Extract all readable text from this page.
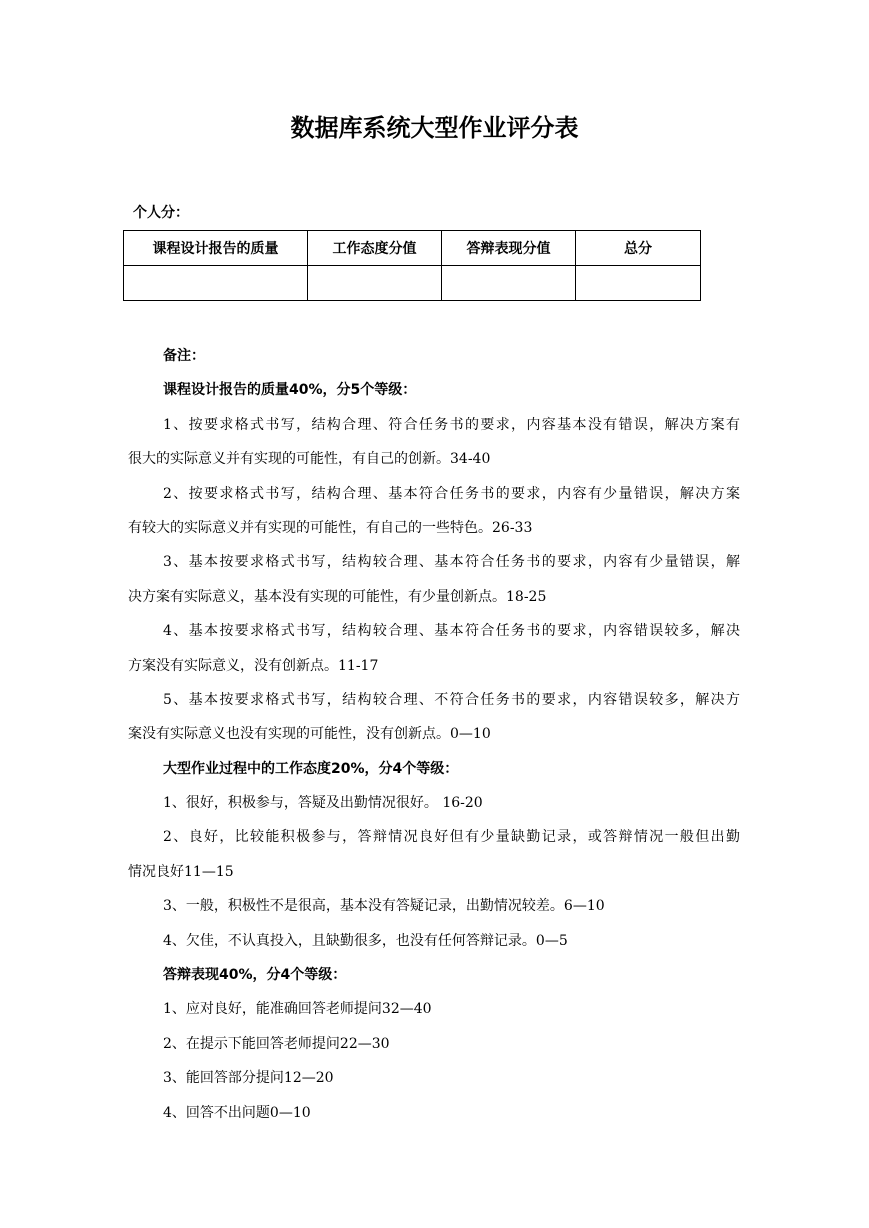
数据库系统大型作业评分表
个人分：
课程设计报告的质量	工作态度分值	答辩表现分值	总分

备注：
课程设计报告的质量40%，分5个等级：
1、按要求格式书写，结构合理、符合任务书的要求，内容基本没有错误，解决方案有
很大的实际意义并有实现的可能性，有自己的创新。34-40
2、按要求格式书写，结构合理、基本符合任务书的要求，内容有少量错误，解决方案
有较大的实际意义并有实现的可能性，有自己的一些特色。26-33
3、基本按要求格式书写，结构较合理、基本符合任务书的要求，内容有少量错误，解
决方案有实际意义，基本没有实现的可能性，有少量创新点。18-25
4、基本按要求格式书写，结构较合理、基本符合任务书的要求，内容错误较多，解决
方案没有实际意义，没有创新点。11-17
5、基本按要求格式书写，结构较合理、不符合任务书的要求，内容错误较多，解决方
案没有实际意义也没有实现的可能性，没有创新点。0—10
大型作业过程中的工作态度20%，分4个等级：
1、很好，积极参与，答疑及出勤情况很好。 16-20
2、良好，比较能积极参与，答辩情况良好但有少量缺勤记录，或答辩情况一般但出勤
情况良好11—15
3、一般，积极性不是很高，基本没有答疑记录，出勤情况较差。6—10
4、欠佳，不认真投入，且缺勤很多，也没有任何答辩记录。0—5
答辩表现40%，分4个等级：
1、应对良好，能准确回答老师提问32—40
2、在提示下能回答老师提问22—30
3、能回答部分提问12—20
4、回答不出问题0—10
